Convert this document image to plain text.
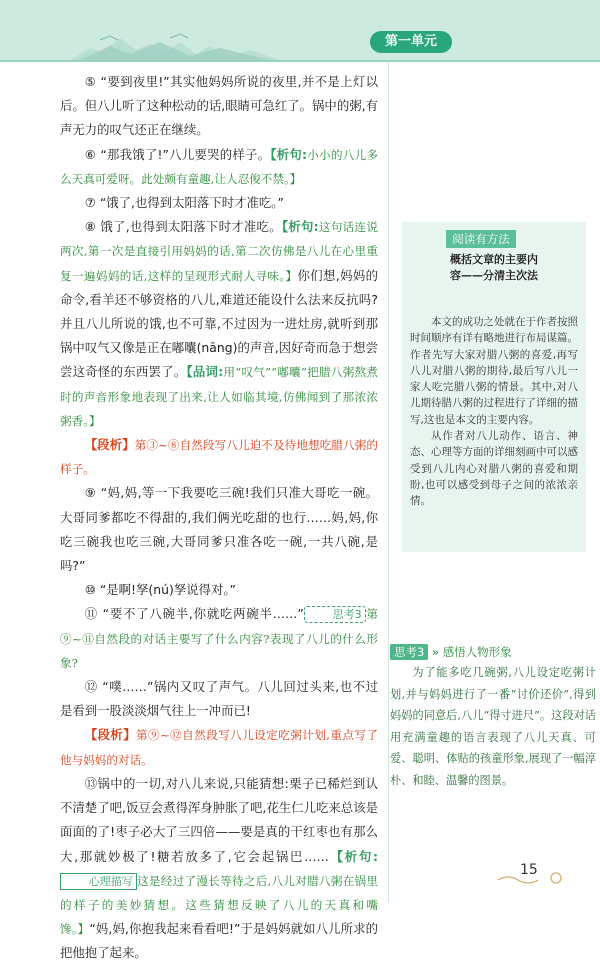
第一单元

⑤ “要到夜里!”其实他妈妈所说的夜里,并不是上灯以后。但八儿听了这种松动的话,眼睛可急红了。锅中的粥,有声无力的叹气还正在继续。

⑥ “那我饿了!”八儿要哭的样子。【析句:小小的八儿多么天真可爱呀。此处颇有童趣,让人忍俊不禁。】

⑦ “饿了,也得到太阳落下时才准吃。”

⑧ 饿了,也得到太阳落下时才准吃。【析句:这句话连说两次,第一次是直接引用妈妈的话,第二次仿佛是八儿在心里重复一遍妈妈的话,这样的呈现形式耐人寻味。】你们想,妈妈的命令,看羊还不够资格的八儿,难道还能设什么法来反抗吗?并且八儿所说的饿,也不可靠,不过因为一进灶房,就听到那锅中叹气又像是正在嘟囔(nāng)的声音,因好奇而急于想尝尝这奇怪的东西罢了。【品词:用“叹气”“嘟囔”把腊八粥熬煮时的声音形象地表现了出来,让人如临其境,仿佛闻到了那浓浓粥香。】

【段析】第③~⑧自然段写八儿迫不及待地想吃腊八粥的样子。

⑨ “妈,妈,等一下我要吃三碗!我们只准大哥吃一碗。大哥同爹都吃不得甜的,我们俩光吃甜的也行……妈,妈,你吃三碗我也吃三碗,大哥同爹只准各吃一碗,一共八碗,是吗?”

⑩ “是啊!孥(nú)孥说得对。”

⑪ “要不了八碗半,你就吃两碗半……”	思考3 第⑨~⑪自然段的对话主要写了什么内容?表现了八儿的什么形象?

⑫ “噗……”锅内又叹了声气。八儿回过头来,也不过是看到一股淡淡烟气往上一冲而已!

【段析】第⑨~⑫自然段写八儿设定吃粥计划,重点写了他与妈妈的对话。

⑬锅中的一切,对八儿来说,只能猜想:栗子已稀烂到认不清楚了吧,饭豆会煮得浑身肿胀了吧,花生仁儿吃来总该是面面的了!枣子必大了三四倍——要是真的干红枣也有那么大,那就妙极了!糖若放多了,它会起锅巴……【析句:心理描写 这是经过了漫长等待之后,八儿对腊八粥在锅里的样子的美妙猜想。这些猜想反映了八儿的天真和嘴馋。】“妈,妈,你抱我起来看看吧!”于是妈妈就如八儿所求的把他抱了起来。

阅读有方法
概括文章的主要内
容——分清主次法

本文的成功之处就在于作者按照时间顺序有详有略地进行布局谋篇。作者先写大家对腊八粥的喜爱,再写八儿对腊八粥的期待,最后写八儿一家人吃完腊八粥的情景。其中,对八儿期待腊八粥的过程进行了详细的描写,这也是本文的主要内容。

从作者对八儿动作、语言、神态、心理等方面的详细刻画中可以感受到八儿内心对腊八粥的喜爱和期盼,也可以感受到母子之间的浓浓亲情。

思考3 » 感悟人物形象

为了能多吃几碗粥,八儿设定吃粥计划,并与妈妈进行了一番“讨价还价”,得到妈妈的同意后,八儿“得寸进尺”。这段对话用充满童趣的语言表现了八儿天真、可爱、聪明、体贴的孩童形象,展现了一幅淳朴、和睦、温馨的图景。

15
